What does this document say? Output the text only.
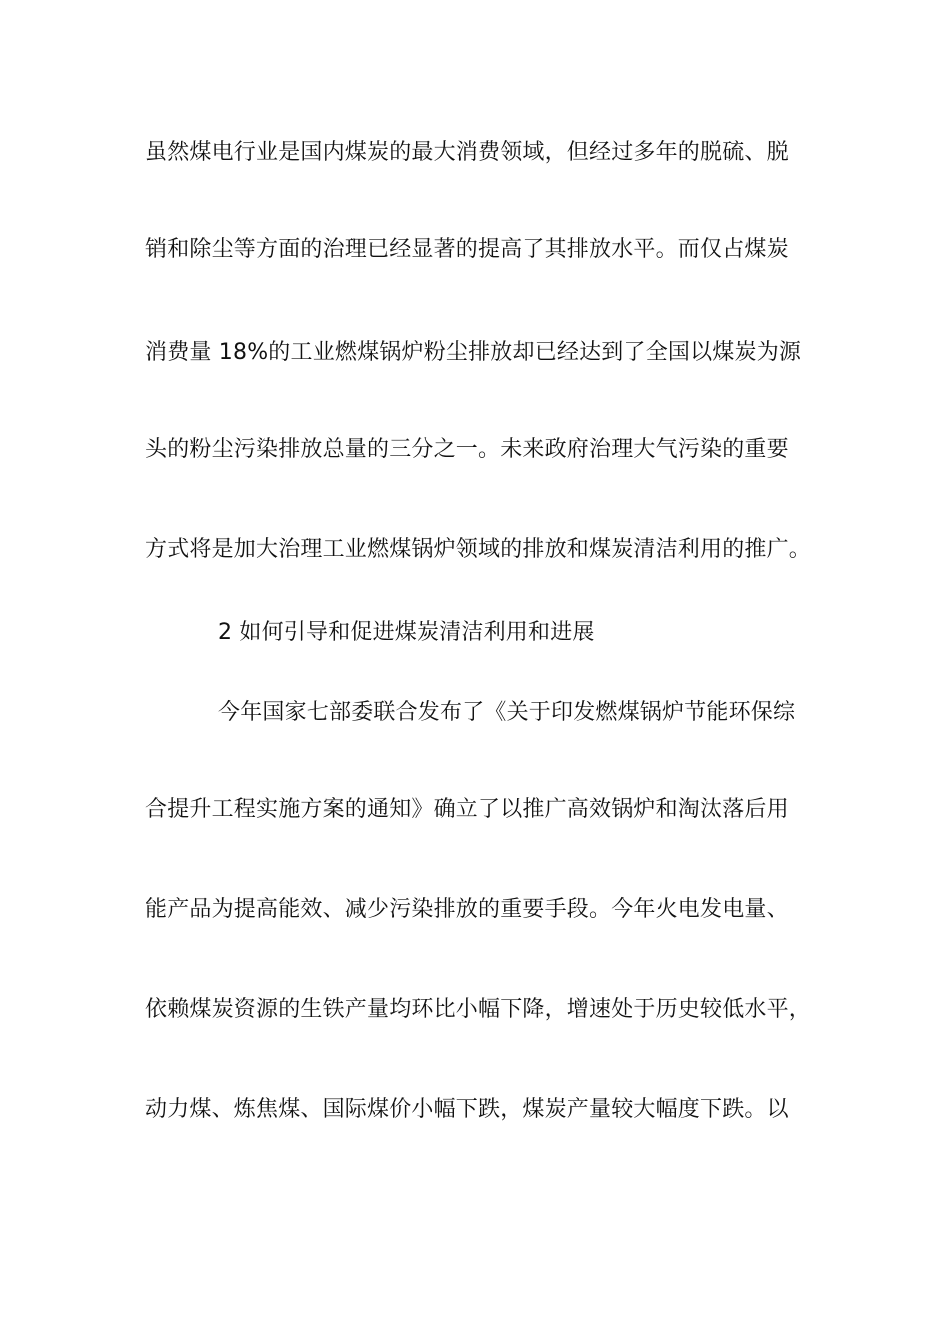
虽然煤电行业是国内煤炭的最大消费领域，但经过多年的脱硫、脱
销和除尘等方面的治理已经显著的提高了其排放水平。而仅占煤炭
消费量 18%的工业燃煤锅炉粉尘排放却已经达到了全国以煤炭为源
头的粉尘污染排放总量的三分之一。未来政府治理大气污染的重要
方式将是加大治理工业燃煤锅炉领域的排放和煤炭清洁利用的推广。
2 如何引导和促进煤炭清洁利用和进展
今年国家七部委联合发布了《关于印发燃煤锅炉节能环保综
合提升工程实施方案的通知》确立了以推广高效锅炉和淘汰落后用
能产品为提高能效、减少污染排放的重要手段。今年火电发电量、
依赖煤炭资源的生铁产量均环比小幅下降，增速处于历史较低水平，
动力煤、炼焦煤、国际煤价小幅下跌，煤炭产量较大幅度下跌。以
